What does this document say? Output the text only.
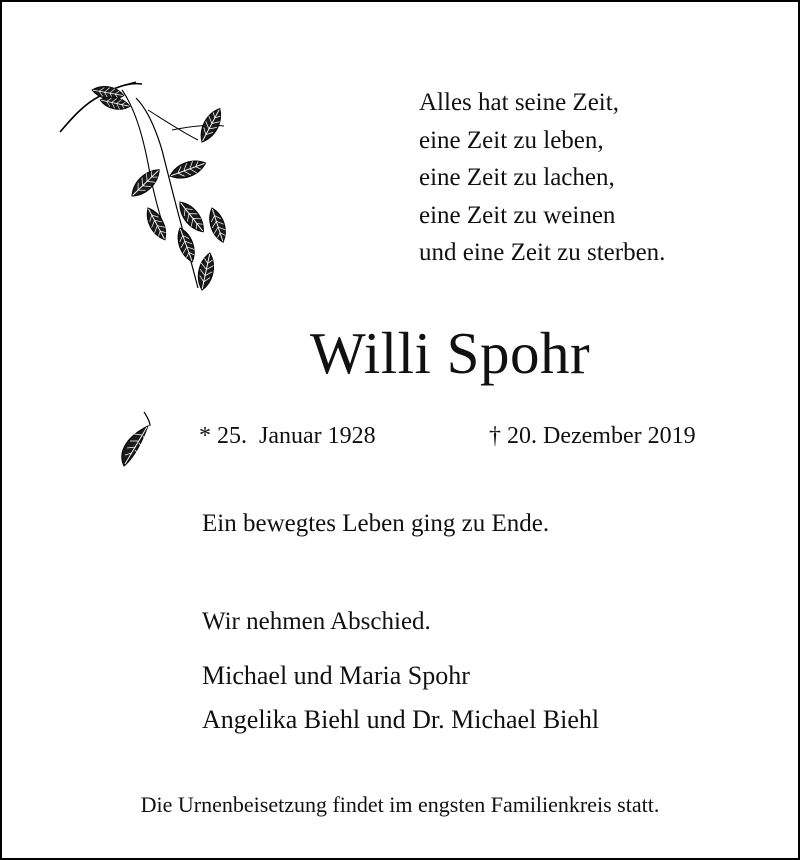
Alles hat seine Zeit,
eine Zeit zu leben,
eine Zeit zu lachen,
eine Zeit zu weinen
und eine Zeit zu sterben.
Willi Spohr
* 25.  Januar 1928	† 20. Dezember 2019
Ein bewegtes Leben ging zu Ende.
Wir nehmen Abschied.
Michael und Maria Spohr
Angelika Biehl und Dr. Michael Biehl
Die Urnenbeisetzung findet im engsten Familienkreis statt.
